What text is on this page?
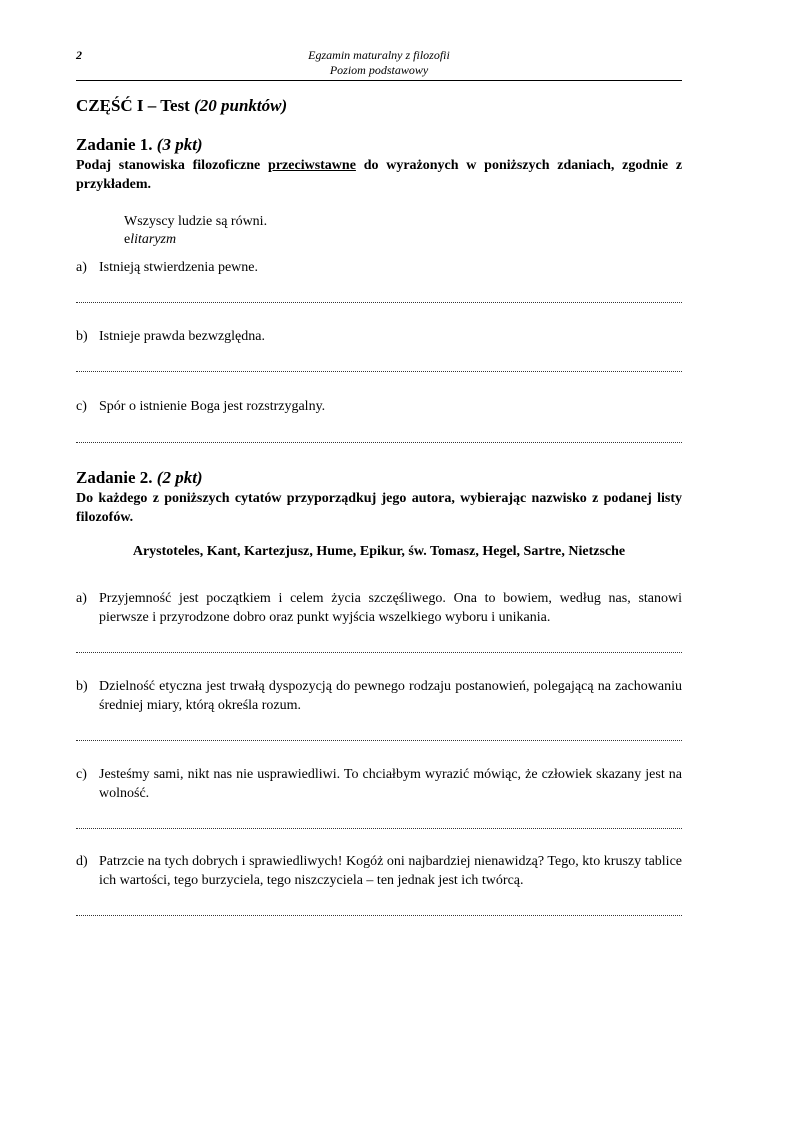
2	Egzamin maturalny z filozofii
Poziom podstawowy
CZĘŚĆ I – Test (20 punktów)
Zadanie 1. (3 pkt)
Podaj stanowiska filozoficzne przeciwstawne do wyrażonych w poniższych zdaniach, zgodnie z przykładem.
Wszyscy ludzie są równi.
elitaryzm
a) Istnieją stwierdzenia pewne.
b) Istnieje prawda bezwzględna.
c) Spór o istnienie Boga jest rozstrzygalny.
Zadanie 2. (2 pkt)
Do każdego z poniższych cytatów przyporządkuj jego autora, wybierając nazwisko z podanej listy filozofów.
Arystoteles, Kant, Kartezjusz, Hume, Epikur, św. Tomasz, Hegel, Sartre, Nietzsche
a) Przyjemność jest początkiem i celem życia szczęśliwego. Ona to bowiem, według nas, stanowi pierwsze i przyrodzone dobro oraz punkt wyjścia wszelkiego wyboru i unikania.
b) Dzielność etyczna jest trwałą dyspozycją do pewnego rodzaju postanowień, polegającą na zachowaniu średniej miary, którą określa rozum.
c) Jesteśmy sami, nikt nas nie usprawiedliwi. To chciałbym wyrazić mówiąc, że człowiek skazany jest na wolność.
d) Patrzcie na tych dobrych i sprawiedliwych! Kogóż oni najbardziej nienawidzą? Tego, kto kruszy tablice ich wartości, tego burzyciela, tego niszczyciela – ten jednak jest ich twórcą.
